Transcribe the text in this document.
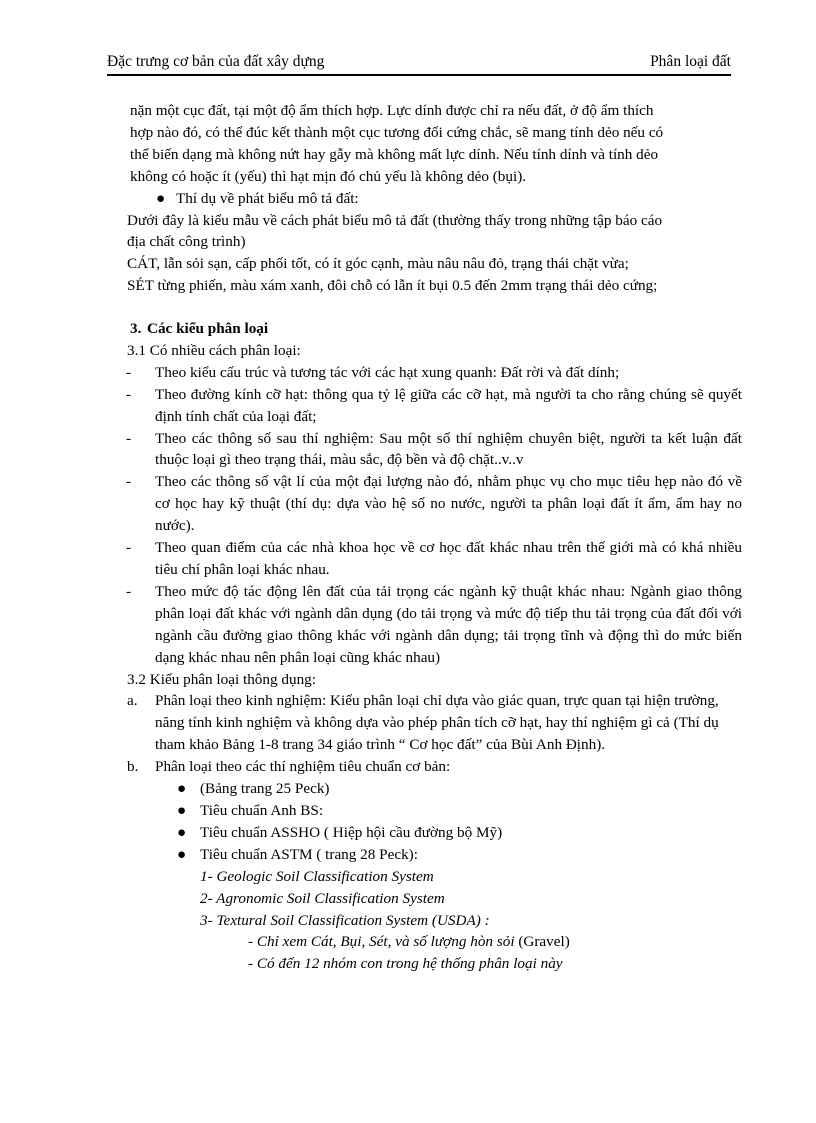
Đặc trưng cơ bản của đất xây dựng	Phân loại đất

nặn một cục đất, tại một độ ẩm thích hợp. Lực dính được chỉ ra nếu đất, ở độ ẩm thích

hợp nào đó, có thể đúc kết thành một cục tương đối cứng chắc, sẽ mang tính dẻo nếu có

thể biến dạng mà không nứt hay gẫy mà không mất lực dính. Nếu tính dính và tính dẻo

không có hoặc ít (yếu) thì hạt mịn đó chủ yếu là không dẻo (bụi).

● Thí dụ về phát biểu mô tả đất:

Dưới đây là kiểu mẫu về cách phát biểu mô tả đất (thường thấy trong những tập báo cáo

địa chất công trình)

CÁT, lẫn sỏi sạn, cấp phối tốt, có ít góc cạnh, màu nâu nâu đỏ, trạng thái chặt vừa;

SÉT từng phiến, màu xám xanh, đôi chỗ có lẫn ít bụi 0.5 đến 2mm trạng thái dẻo cứng;

3. Các kiểu phân loại

3.1 Có nhiều cách phân loại:

- Theo kiểu cấu trúc và tương tác với các hạt xung quanh: Đất rời và đất dính;

- Theo đường kính cỡ hạt: thông qua tỷ lệ giữa các cỡ hạt, mà người ta cho rằng chúng sẽ quyết định tính chất của loại đất;

- Theo các thông số sau thí nghiệm: Sau một số thí nghiệm chuyên biệt, người ta kết luận đất thuộc loại gì theo trạng thái, màu sắc, độ bền và độ chặt..v..v

- Theo các thông số vật lí của một đại lượng nào đó, nhằm phục vụ cho mục tiêu hẹp nào đó về cơ học hay kỹ thuật (thí dụ: dựa vào hệ số no nước, người ta phân loại đất ít ẩm, ẩm hay no nước).

- Theo quan điểm của các nhà khoa học về cơ học đất khác nhau trên thế giới mà có khá nhiều tiêu chí phân loại khác nhau.

- Theo mức độ tác động lên đất của tải trọng các ngành kỹ thuật khác nhau: Ngành giao thông phân loại đất khác với ngành dân dụng (do tải trọng và mức độ tiếp thu tải trọng của đất đối với ngành cầu đường giao thông khác với ngành dân dụng; tải trọng tĩnh và động thì do mức biến dạng khác nhau nên phân loại cũng khác nhau)

3.2 Kiểu phân loại thông dụng:

a. Phân loại theo kinh nghiệm: Kiểu phân loại chỉ dựa vào giác quan, trực quan tại hiện trường, năng tính kinh nghiệm và không dựa vào phép phân tích cỡ hạt, hay thí nghiệm gì cả (Thí dụ tham khảo Bảng 1-8 trang 34 giáo trình “ Cơ học đất” của Bùi Anh Định).

b. Phân loại theo các thí nghiệm tiêu chuẩn cơ bản:

● (Bảng trang 25 Peck)
● Tiêu chuẩn Anh BS:
● Tiêu chuẩn ASSHO ( Hiệp hội cầu đường bộ Mỹ)
● Tiêu chuẩn ASTM ( trang 28 Peck):

1- Geologic Soil Classification System

2- Agronomic Soil Classification System

3- Textural Soil Classification System (USDA) :

- Chỉ xem Cát, Bụi, Sét, và số lượng hòn sỏi (Gravel)

- Có đến 12 nhóm con trong hệ thống phân loại này
